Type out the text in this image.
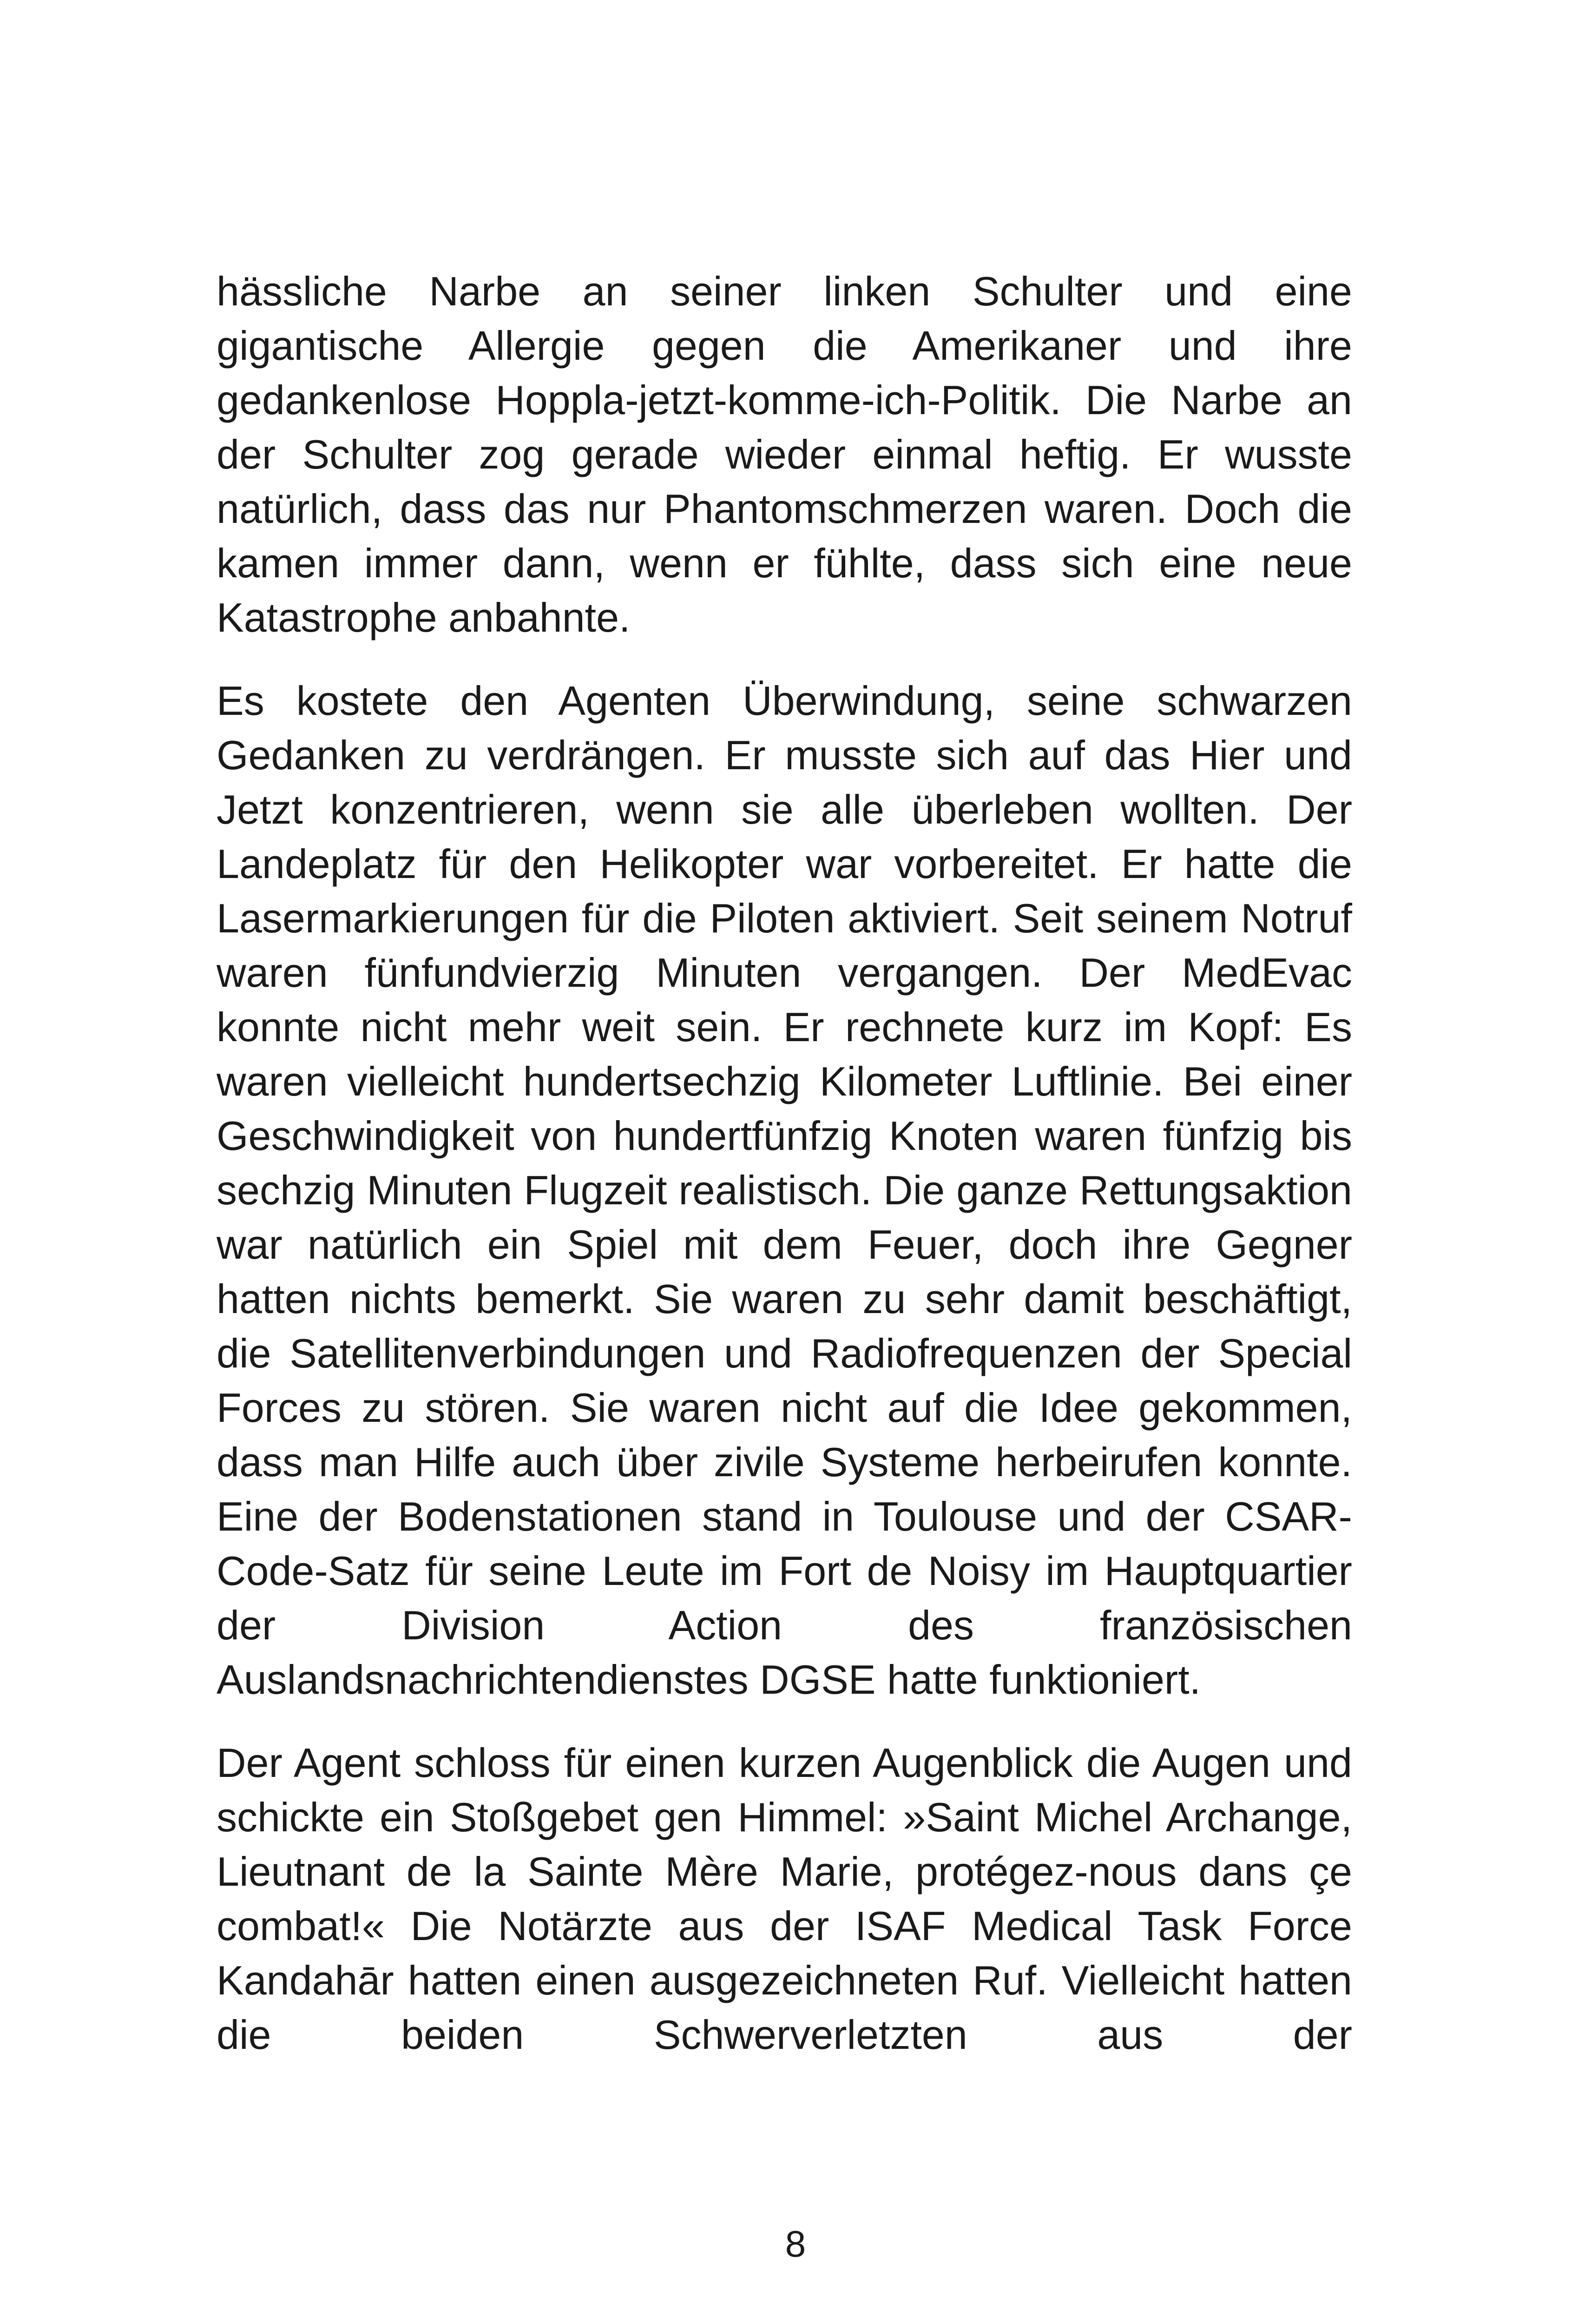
hässliche Narbe an seiner linken Schulter und eine gigantische Allergie gegen die Amerikaner und ihre gedankenlose Hoppla-jetzt-komme-ich-Politik. Die Narbe an der Schulter zog gerade wieder einmal heftig. Er wusste natürlich, dass das nur Phantomschmerzen waren. Doch die kamen immer dann, wenn er fühlte, dass sich eine neue Katastrophe anbahnte.

Es kostete den Agenten Überwindung, seine schwarzen Gedanken zu verdrängen. Er musste sich auf das Hier und Jetzt konzentrieren, wenn sie alle überleben wollten. Der Landeplatz für den Helikopter war vorbereitet. Er hatte die Lasermarkierungen für die Piloten aktiviert. Seit seinem Notruf waren fünfundvierzig Minuten vergangen. Der MedEvac konnte nicht mehr weit sein. Er rechnete kurz im Kopf: Es waren vielleicht hundertsechzig Kilometer Luftlinie. Bei einer Geschwindigkeit von hundertfünfzig Knoten waren fünfzig bis sechzig Minuten Flugzeit realistisch. Die ganze Rettungsaktion war natürlich ein Spiel mit dem Feuer, doch ihre Gegner hatten nichts bemerkt. Sie waren zu sehr damit beschäftigt, die Satellitenverbindungen und Radiofrequenzen der Special Forces zu stören. Sie waren nicht auf die Idee gekommen, dass man Hilfe auch über zivile Systeme herbeirufen konnte. Eine der Bodenstationen stand in Toulouse und der CSAR-Code-Satz für seine Leute im Fort de Noisy im Hauptquartier der Division Action des französischen Auslandsnachrichtendienstes DGSE hatte funktioniert.

Der Agent schloss für einen kurzen Augenblick die Augen und schickte ein Stoßgebet gen Himmel: »Saint Michel Archange, Lieutnant de la Sainte Mère Marie, protégez-nous dans çe combat!« Die Notärzte aus der ISAF Medical Task Force Kandahār hatten einen ausgezeichneten Ruf. Vielleicht hatten die beiden Schwerverletzten aus der

8
